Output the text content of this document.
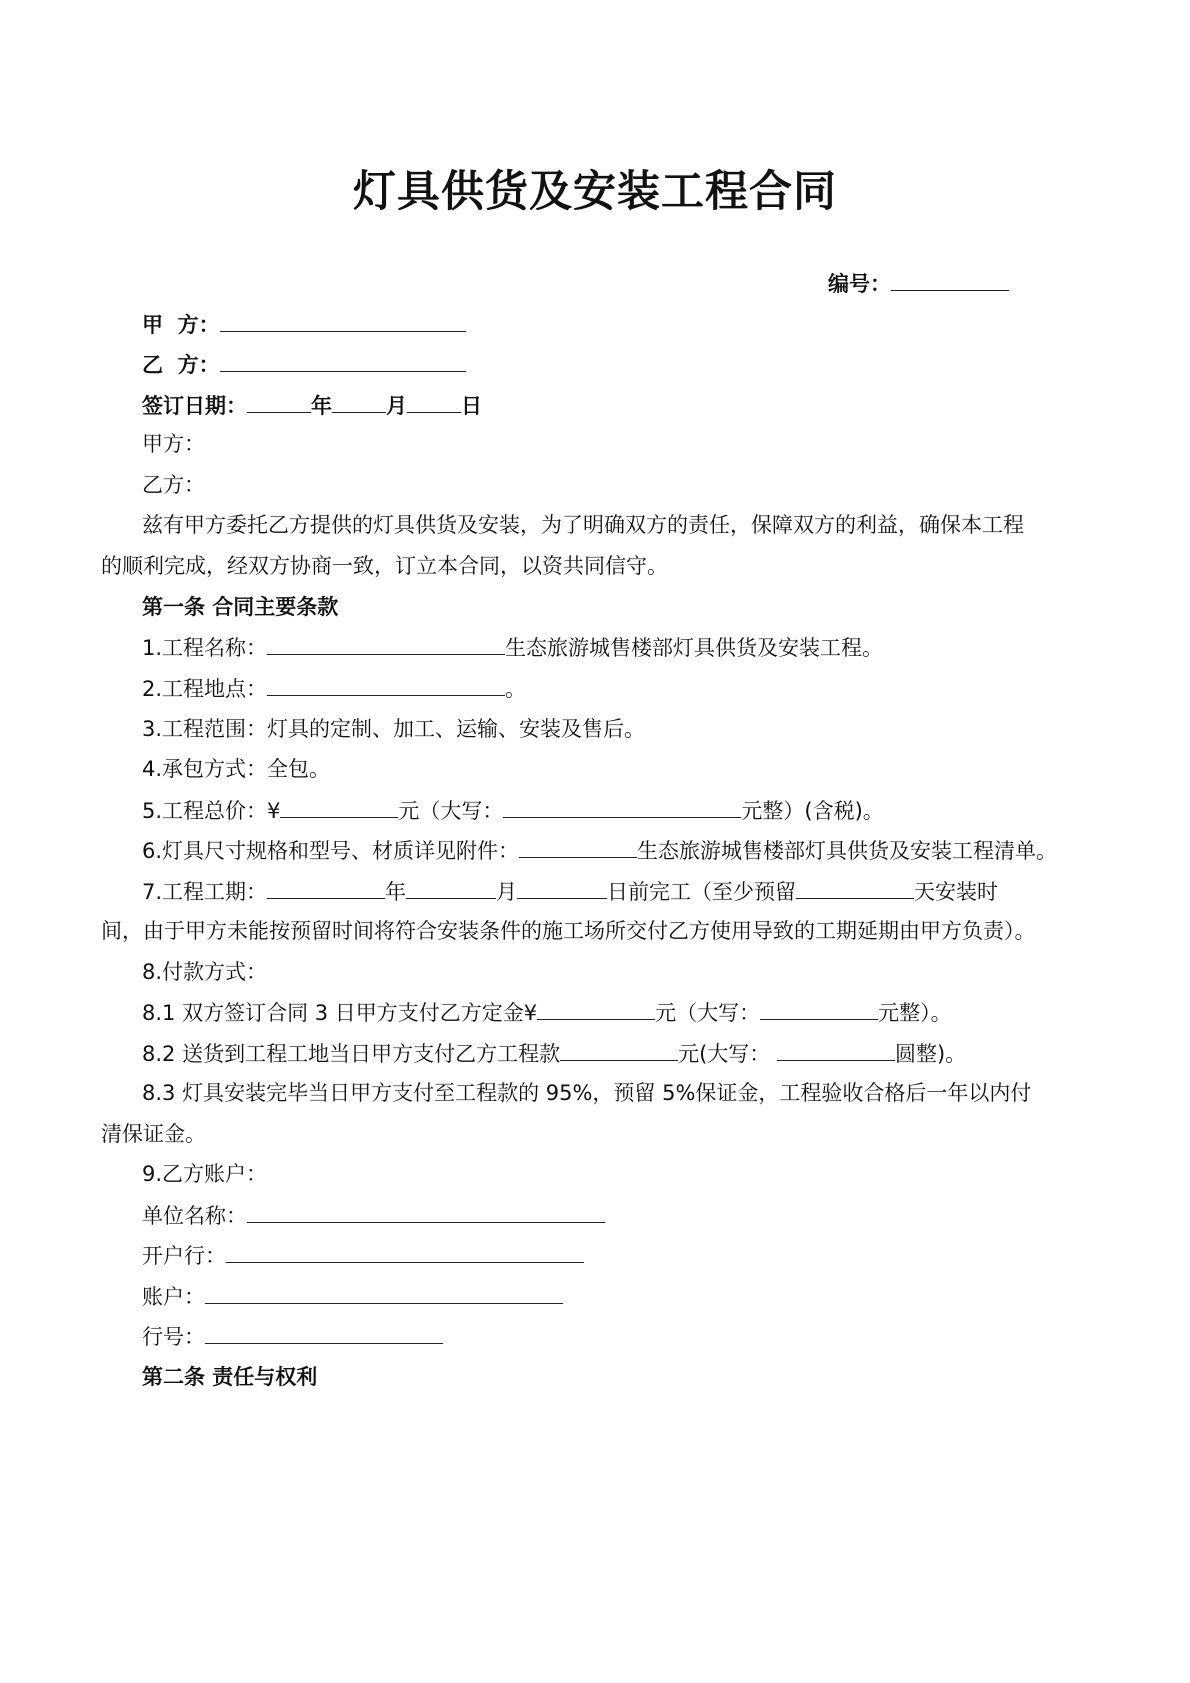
灯具供货及安装工程合同
编号：
甲  方：
乙  方：
签订日期：	年	月	日
甲方：
乙方：
兹有甲方委托乙方提供的灯具供货及安装，为了明确双方的责任，保障双方的利益，确保本工程
的顺利完成，经双方协商一致，订立本合同，以资共同信守。
第一条 合同主要条款
1.工程名称：	生态旅游城售楼部灯具供货及安装工程。
2.工程地点：	。
3.工程范围：灯具的定制、加工、运输、安装及售后。
4.承包方式：全包。
5.工程总价：¥	元（大写：	元整）(含税)。
6.灯具尺寸规格和型号、材质详见附件：	生态旅游城售楼部灯具供货及安装工程清单。
7.工程工期：	年	月	日前完工（至少预留	天安装时
间，由于甲方未能按预留时间将符合安装条件的施工场所交付乙方使用导致的工期延期由甲方负责）。
8.付款方式：
8.1 双方签订合同 3 日甲方支付乙方定金¥	元（大写：	元整）。
8.2 送货到工程工地当日甲方支付乙方工程款	元(大写：	圆整)。
8.3 灯具安装完毕当日甲方支付至工程款的 95%，预留 5%保证金，工程验收合格后一年以内付
清保证金。
9.乙方账户：
单位名称：
开户行：
账户：
行号：
第二条 责任与权利
